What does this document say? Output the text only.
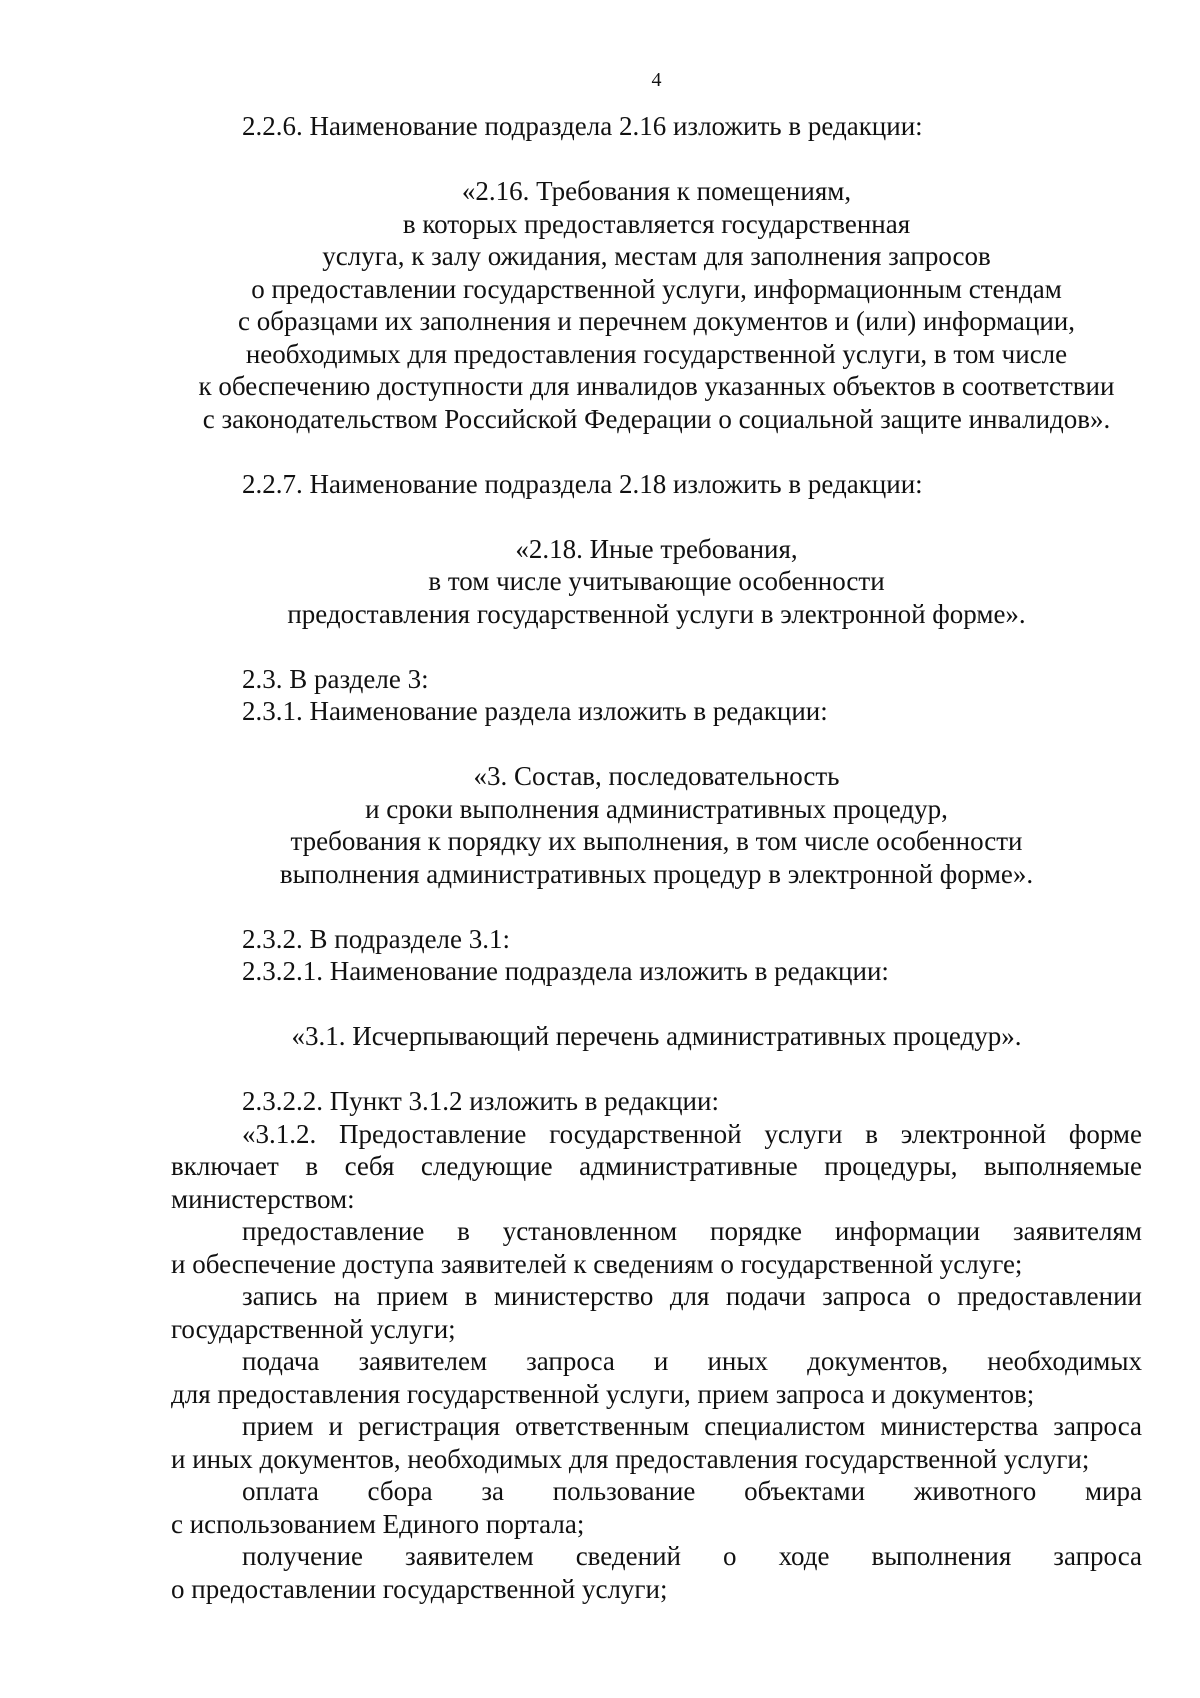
4

2.2.6. Наименование подраздела 2.16 изложить в редакции:

«2.16. Требования к помещениям,
в которых предоставляется государственная
услуга, к залу ожидания, местам для заполнения запросов
о предоставлении государственной услуги, информационным стендам
с образцами их заполнения и перечнем документов и (или) информации,
необходимых для предоставления государственной услуги, в том числе
к обеспечению доступности для инвалидов указанных объектов в соответствии
с законодательством Российской Федерации о социальной защите инвалидов».

2.2.7. Наименование подраздела 2.18 изложить в редакции:

«2.18. Иные требования,
в том числе учитывающие особенности
предоставления государственной услуги в электронной форме».

2.3. В разделе 3:

2.3.1. Наименование раздела изложить в редакции:

«3. Состав, последовательность
и сроки выполнения административных процедур,
требования к порядку их выполнения, в том числе особенности
выполнения административных процедур в электронной форме».

2.3.2. В подразделе 3.1:

2.3.2.1. Наименование подраздела изложить в редакции:

«3.1. Исчерпывающий перечень административных процедур».

2.3.2.2. Пункт 3.1.2 изложить в редакции:

«3.1.2. Предоставление государственной услуги в электронной форме
включает в себя следующие административные процедуры, выполняемые
министерством:
предоставление в установленном порядке информации заявителям
и обеспечение доступа заявителей к сведениям о государственной услуге;
запись на прием в министерство для подачи запроса о предоставлении
государственной услуги;
подача заявителем запроса и иных документов, необходимых
для предоставления государственной услуги, прием запроса и документов;
прием и регистрация ответственным специалистом министерства запроса
и иных документов, необходимых для предоставления государственной услуги;
оплата сбора за пользование объектами животного мира
с использованием Единого портала;
получение заявителем сведений о ходе выполнения запроса
о предоставлении государственной услуги;
